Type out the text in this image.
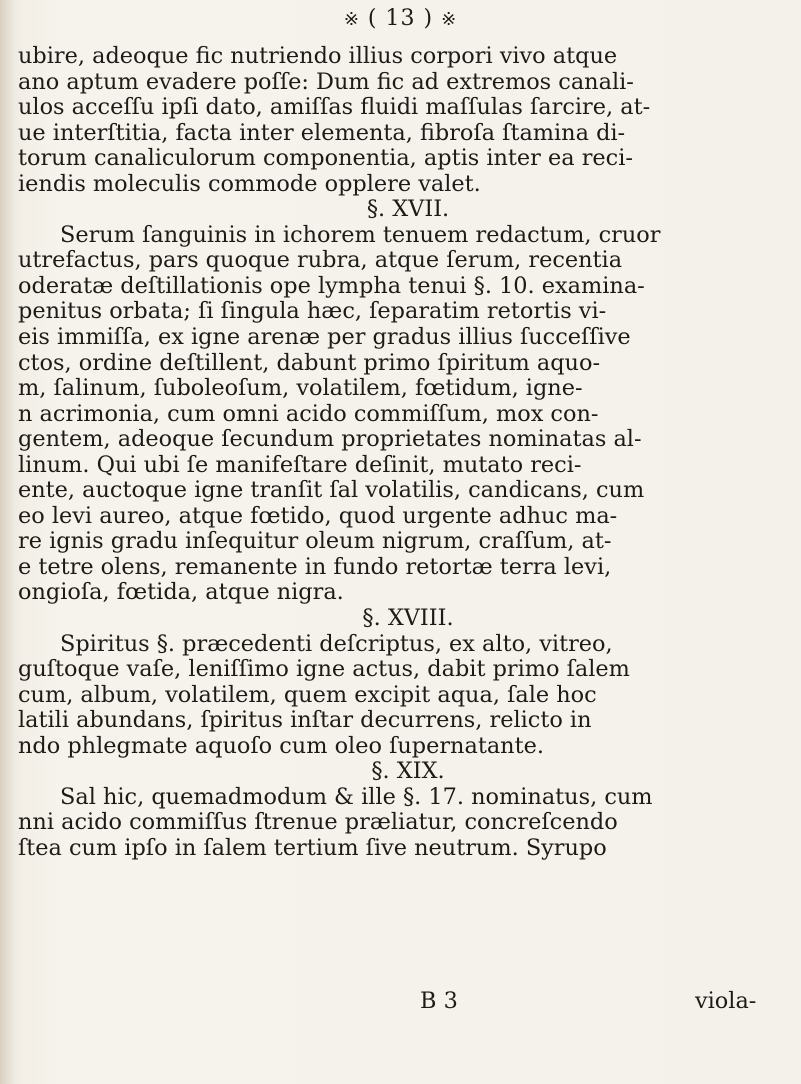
※ ( 13 ) ※
ubire, adeoque fic nutriendo illius corpori vivo atque
ano aptum evadere poſſe: Dum fic ad extremos canali-
ulos acceſſu ipſi dato, amiſſas fluidi maſſulas ſarcire, at-
ue interſtitia, facta inter elementa, fibroſa ſtamina di-
torum canaliculorum componentia, aptis inter ea reci-
iendis moleculis commode opplere valet.
§. XVII.
Serum ſanguinis in ichorem tenuem redactum, cruor
utrefactus, pars quoque rubra, atque ſerum, recentia
oderatæ deſtillationis ope lympha tenui §. 10. examina-
penitus orbata; ſi ſingula hæc, ſeparatim retortis vi-
eis immiſſa, ex igne arenæ per gradus illius ſucceſſive
ctos, ordine deſtillent, dabunt primo ſpiritum aquo-
m, ſalinum, ſuboleoſum, volatilem, fœtidum, igne-
n acrimonia, cum omni acido commiſſum, mox con-
gentem, adeoque ſecundum proprietates nominatas al-
linum. Qui ubi ſe manifeſtare deſinit, mutato reci-
ente, auctoque igne tranſit ſal volatilis, candicans, cum
eo levi aureo, atque fœtido, quod urgente adhuc ma-
re ignis gradu inſequitur oleum nigrum, craſſum, at-
e tetre olens, remanente in fundo retortæ terra levi,
ongioſa, fœtida, atque nigra.
§. XVIII.
Spiritus §. præcedenti deſcriptus, ex alto, vitreo,
guſtoque vaſe, leniſſimo igne actus, dabit primo ſalem
cum, album, volatilem, quem excipit aqua, ſale hoc
latili abundans, ſpiritus inſtar decurrens, relicto in
ndo phlegmate aquoſo cum oleo ſupernatante.
§. XIX.
Sal hic, quemadmodum & ille §. 17. nominatus, cum
nni acido commiſſus ſtrenue præliatur, concreſcendo
ſtea cum ipſo in ſalem tertium ſive neutrum. Syrupo
B 3	viola-
